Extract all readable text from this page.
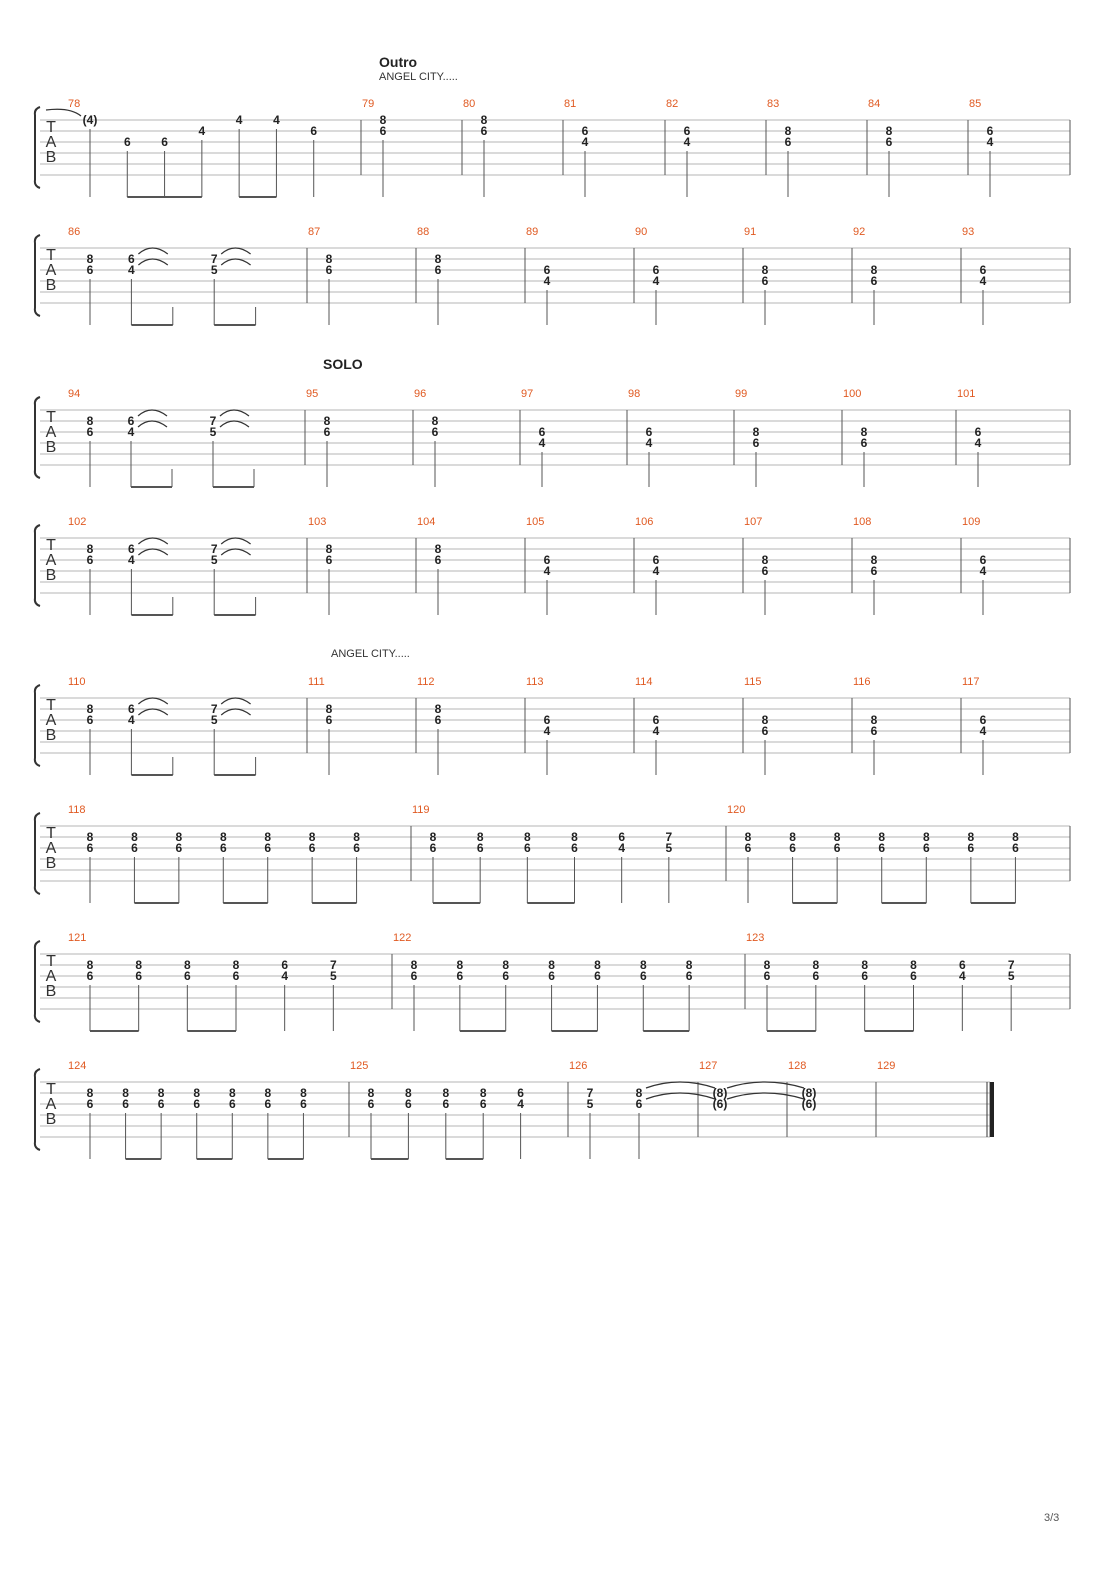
T
A
B
78
(4)
6	6
4
4	4
6
79
8
6
80
8
6
81
6
4
82
6
4
83
8
6
84
8
6
85
6
4
T
A
B
86
8
6
6
4
7
5
87
8
6
88
8
6
89
6
4
90
6
4
91
8
6
92
8
6
93
6
4
T
A
B
94
8
6
6
4
7
5
95
8
6
96
8
6
97
6
4
98
6
4
99
8
6
100
8
6
101
6
4
T
A
B
102
8
6
6
4
7
5
103
8
6
104
8
6
105
6
4
106
6
4
107
8
6
108
8
6
109
6
4
T
A
B
110
8
6
6
4
7
5
111
8
6
112
8
6
113
6
4
114
6
4
115
8
6
116
8
6
117
6
4
T
A
B
118
8
6
8
6
8
6
8
6
8
6
8
6
8
6
119
8
6
8
6
8
6
8
6
6
4
7
5
120
8
6
8
6
8
6
8
6
8
6
8
6
8
6
T
A
B
121
8
6
8
6
8
6
8
6
6
4
7
5
122
8
6
8
6
8
6
8
6
8
6
8
6
8
6
123
8
6
8
6
8
6
8
6
6
4
7
5
T
A
B
124
8
6
8
6
8
6
8
6
8
6
8
6
8
6
125
8
6
8
6
8
6
8
6
6
4
126
7
5
8
6
127
(8)
(6)
128
(8)
(6)
129
Outro
ANGEL CITY.....
SOLO
ANGEL CITY.....
3/3
